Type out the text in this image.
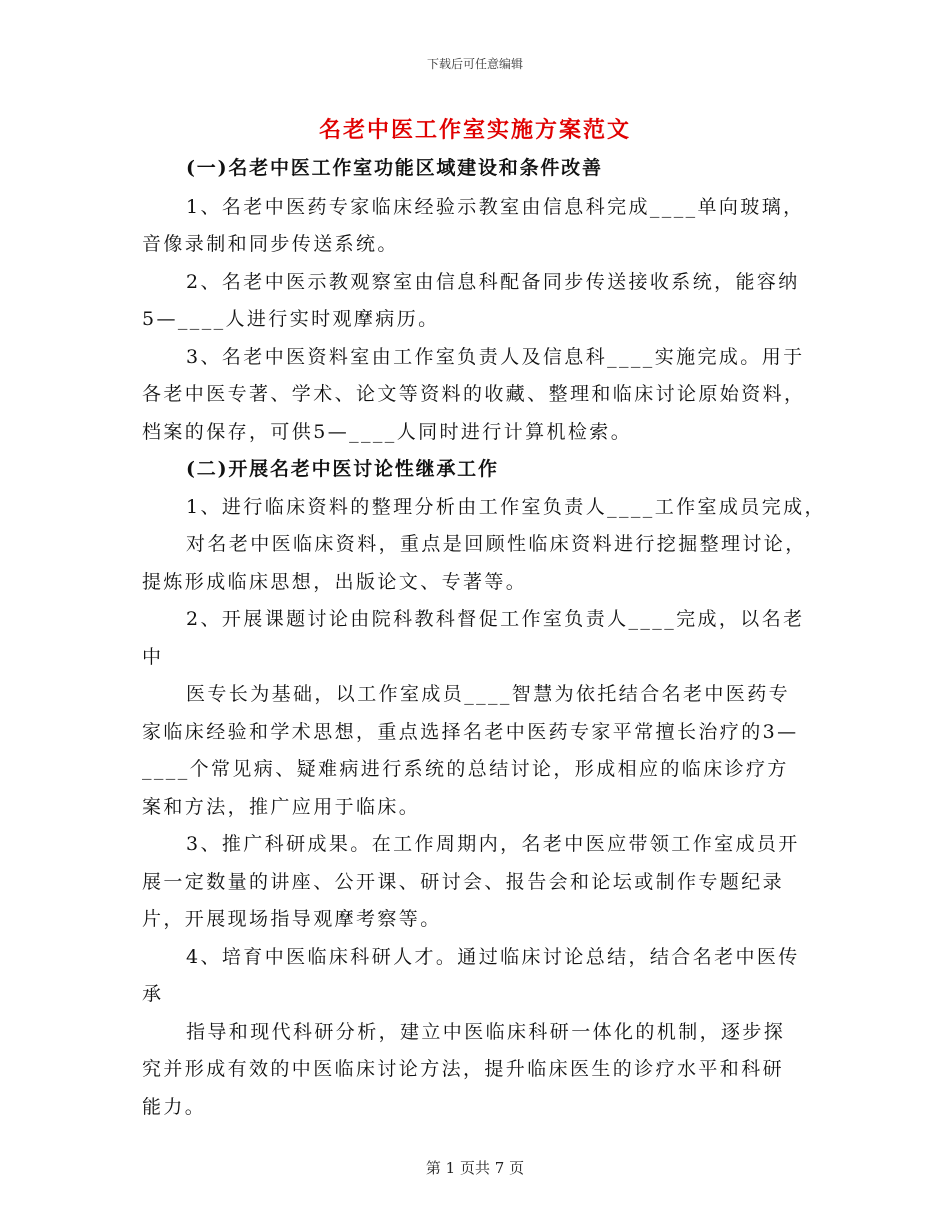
下载后可任意编辑
名老中医工作室实施方案范文
(一)名老中医工作室功能区域建设和条件改善
1、名老中医药专家临床经验示教室由信息科完成____单向玻璃，
音像录制和同步传送系统。
2、名老中医示教观察室由信息科配备同步传送接收系统，能容纳
5—____人进行实时观摩病历。
3、名老中医资料室由工作室负责人及信息科____实施完成。用于
各老中医专著、学术、论文等资料的收藏、整理和临床讨论原始资料，
档案的保存，可供5—____人同时进行计算机检索。
(二)开展名老中医讨论性继承工作
1、进行临床资料的整理分析由工作室负责人____工作室成员完成，
对名老中医临床资料，重点是回顾性临床资料进行挖掘整理讨论，
提炼形成临床思想，出版论文、专著等。
2、开展课题讨论由院科教科督促工作室负责人____完成，以名老
中
医专长为基础，以工作室成员____智慧为依托结合名老中医药专
家临床经验和学术思想，重点选择名老中医药专家平常擅长治疗的3—
____个常见病、疑难病进行系统的总结讨论，形成相应的临床诊疗方
案和方法，推广应用于临床。
3、推广科研成果。在工作周期内，名老中医应带领工作室成员开
展一定数量的讲座、公开课、研讨会、报告会和论坛或制作专题纪录
片，开展现场指导观摩考察等。
4、培育中医临床科研人才。通过临床讨论总结，结合名老中医传
承
指导和现代科研分析，建立中医临床科研一体化的机制，逐步探
究并形成有效的中医临床讨论方法，提升临床医生的诊疗水平和科研
能力。
第 1 页共 7 页
